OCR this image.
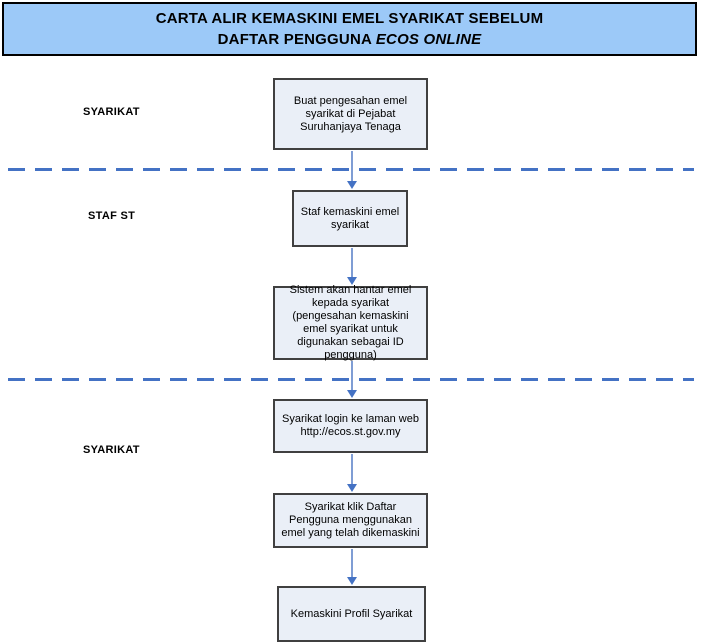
CARTA ALIR KEMASKINI EMEL SYARIKAT SEBELUM
DAFTAR PENGGUNA ECOS ONLINE
SYARIKAT
STAF ST
SYARIKAT
Buat pengesahan emel syarikat di Pejabat Suruhanjaya Tenaga
Staf kemaskini emel syarikat
Sistem akan hantar emel kepada syarikat (pengesahan kemaskini emel syarikat untuk digunakan sebagai ID pengguna)
Syarikat login ke laman web http://ecos.st.gov.my
Syarikat klik Daftar Pengguna menggunakan emel yang telah dikemaskini
Kemaskini Profil Syarikat
